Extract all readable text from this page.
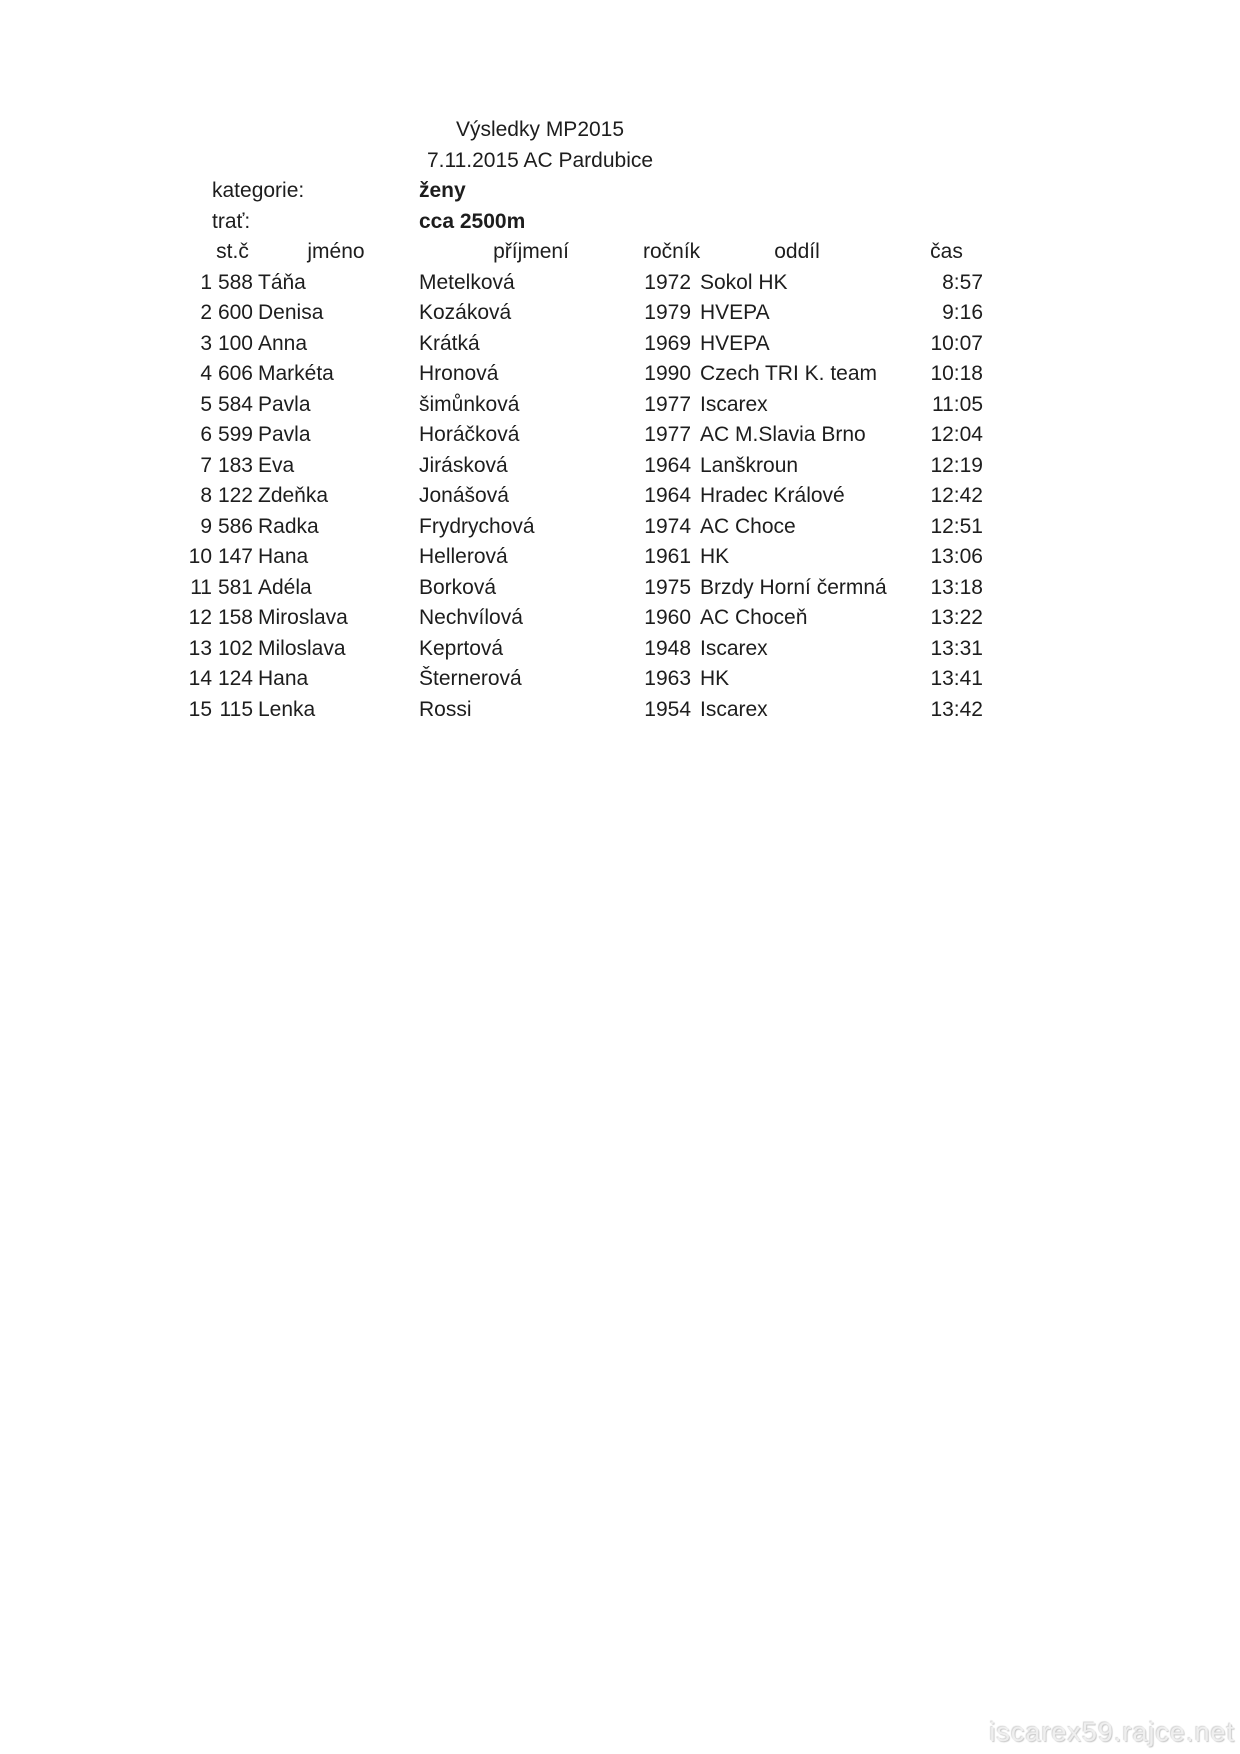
Výsledky MP2015
7.11.2015 AC Pardubice
kategorie:	ženy
trať:	cca 2500m
st.č	jméno	příjmení	ročník	oddíl	čas
1 588 Táňa	Metelková	1972 Sokol HK	8:57
2 600 Denisa	Kozáková	1979 HVEPA	9:16
3 100 Anna	Krátká	1969 HVEPA	10:07
4 606 Markéta	Hronová	1990 Czech TRI K. team	10:18
5 584 Pavla	šimůnková	1977 Iscarex	11:05
6 599 Pavla	Horáčková	1977 AC M.Slavia Brno	12:04
7 183 Eva	Jirásková	1964 Lanškroun	12:19
8 122 Zdeňka	Jonášová	1964 Hradec Králové	12:42
9 586 Radka	Frydrychová	1974 AC Choce	12:51
10 147 Hana	Hellerová	1961 HK	13:06
11 581 Adéla	Borková	1975 Brzdy Horní čermná	13:18
12 158 Miroslava	Nechvílová	1960 AC Choceň	13:22
13 102 Miloslava	Keprtová	1948 Iscarex	13:31
14 124 Hana	Šternerová	1963 HK	13:41
15 115 Lenka	Rossi	1954 Iscarex	13:42
iscarex59.rajce.net
